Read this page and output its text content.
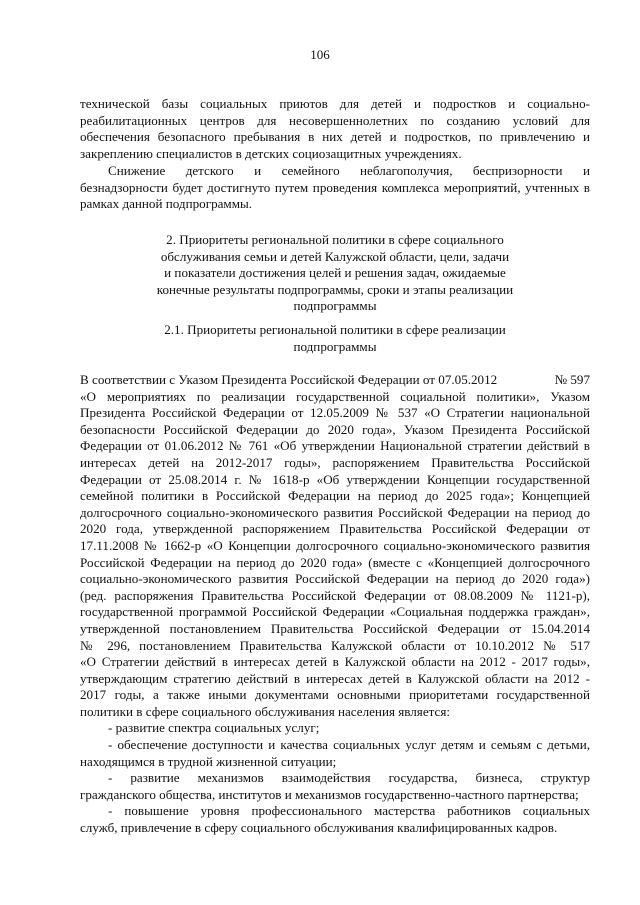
106
технической базы социальных приютов для детей и подростков и социально-
реабилитационных центров для несовершеннолетних по созданию условий для
обеспечения безопасного пребывания в них детей и подростков, по привлечению и
закреплению специалистов в детских социозащитных учреждениях.
Снижение детского и семейного неблагополучия, беспризорности и
безнадзорности будет достигнуто путем проведения комплекса мероприятий, учтенных в
рамках данной подпрограммы.
2. Приоритеты региональной политики в сфере социального
обслуживания семьи и детей Калужской области, цели, задачи
и показатели достижения целей и решения задач, ожидаемые
конечные результаты подпрограммы, сроки и этапы реализации
подпрограммы
2.1. Приоритеты региональной политики в сфере реализации
подпрограммы
В соответствии с Указом Президента Российской Федерации от 07.05.2012	№ 597
«О мероприятиях по реализации государственной социальной политики», Указом
Президента Российской Федерации от 12.05.2009 № 537 «О Стратегии национальной
безопасности Российской Федерации до 2020 года», Указом Президента Российской
Федерации от 01.06.2012 № 761 «Об утверждении Национальной стратегии действий в
интересах детей на 2012-2017 годы», распоряжением Правительства Российской
Федерации от 25.08.2014 г. № 1618-р «Об утверждении Концепции государственной
семейной политики в Российской Федерации на период до 2025 года»; Концепцией
долгосрочного социально-экономического развития Российской Федерации на период до
2020 года, утвержденной распоряжением Правительства Российской Федерации от
17.11.2008 № 1662-р «О Концепции долгосрочного социально-экономического развития
Российской Федерации на период до 2020 года» (вместе с «Концепцией долгосрочного
социально-экономического развития Российской Федерации на период до 2020 года»)
(ред. распоряжения Правительства Российской Федерации от 08.08.2009 № 1121-р),
государственной программой Российской Федерации «Социальная поддержка граждан»,
утвержденной постановлением Правительства Российской Федерации от 15.04.2014
№ 296, постановлением Правительства Калужской области от 10.10.2012 № 517
«О Стратегии действий в интересах детей в Калужской области на 2012 - 2017 годы»,
утверждающим стратегию действий в интересах детей в Калужской области на 2012 -
2017 годы, а также иными документами основными приоритетами государственной
политики в сфере социального обслуживания населения является:
- развитие спектра социальных услуг;
- обеспечение доступности и качества социальных услуг детям и семьям с детьми,
находящимся в трудной жизненной ситуации;
- развитие механизмов взаимодействия государства, бизнеса, структур
гражданского общества, институтов и механизмов государственно-частного партнерства;
- повышение уровня профессионального мастерства работников социальных
служб, привлечение в сферу социального обслуживания квалифицированных кадров.
